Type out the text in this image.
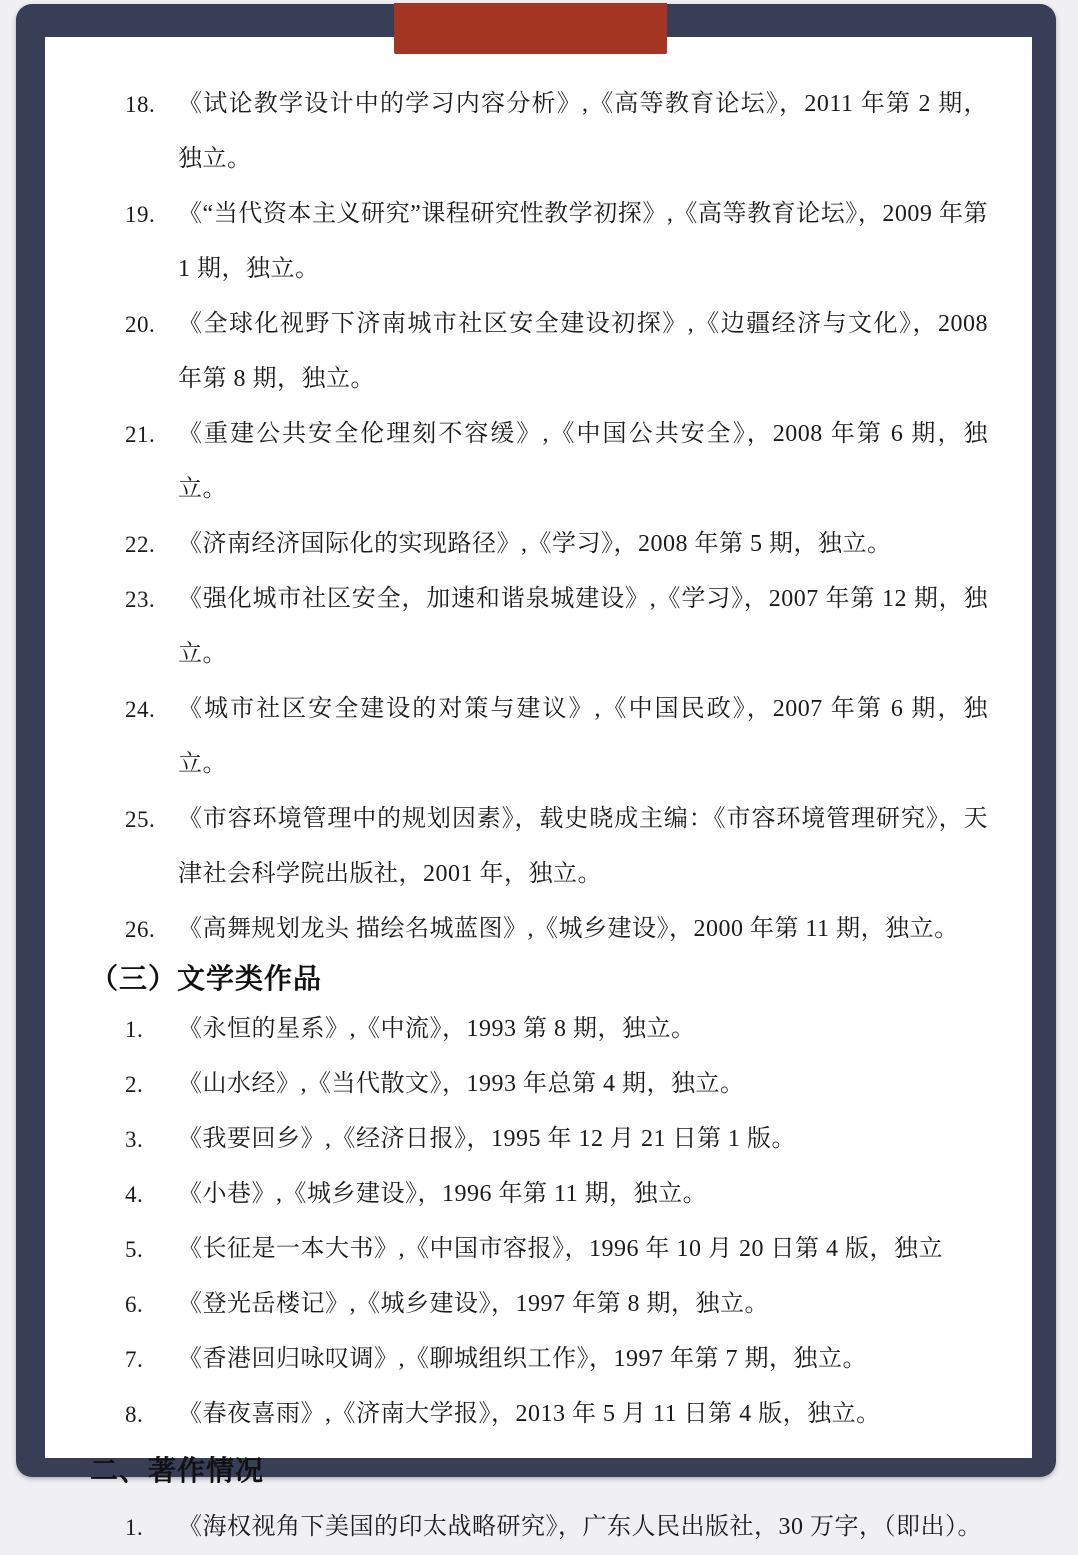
18. 《试论教学设计中的学习内容分析》,《高等教育论坛》，2011 年第 2 期，独立。
19. 《“当代资本主义研究”课程研究性教学初探》,《高等教育论坛》，2009 年第 1 期，独立。
20. 《全球化视野下济南城市社区安全建设初探》,《边疆经济与文化》，2008 年第 8 期，独立。
21. 《重建公共安全伦理刻不容缓》,《中国公共安全》，2008 年第 6 期，独立。
22. 《济南经济国际化的实现路径》,《学习》，2008 年第 5 期，独立。
23. 《强化城市社区安全，加速和谐泉城建设》,《学习》，2007 年第 12 期，独立。
24. 《城市社区安全建设的对策与建议》,《中国民政》，2007 年第 6 期，独立。
25. 《市容环境管理中的规划因素》，载史晓成主编：《市容环境管理研究》，天津社会科学院出版社，2001 年，独立。
26. 《高舞规划龙头 描绘名城蓝图》,《城乡建设》，2000 年第 11 期，独立。
（三）文学类作品
1.	《永恒的星系》,《中流》，1993 第 8 期，独立。
2.	《山水经》,《当代散文》，1993 年总第 4 期，独立。
3.	《我要回乡》,《经济日报》，1995 年 12 月 21 日第 1 版。
4.	《小巷》,《城乡建设》，1996 年第 11 期，独立。
5.	《长征是一本大书》,《中国市容报》，1996 年 10 月 20 日第 4 版，独立
6.	《登光岳楼记》,《城乡建设》，1997 年第 8 期，独立。
7.	《香港回归咏叹调》,《聊城组织工作》，1997 年第 7 期，独立。
8.	《春夜喜雨》,《济南大学报》，2013 年 5 月 11 日第 4 版，独立。
二、著作情况
1.	《海权视角下美国的印太战略研究》，广东人民出版社，30 万字，（即出）。
